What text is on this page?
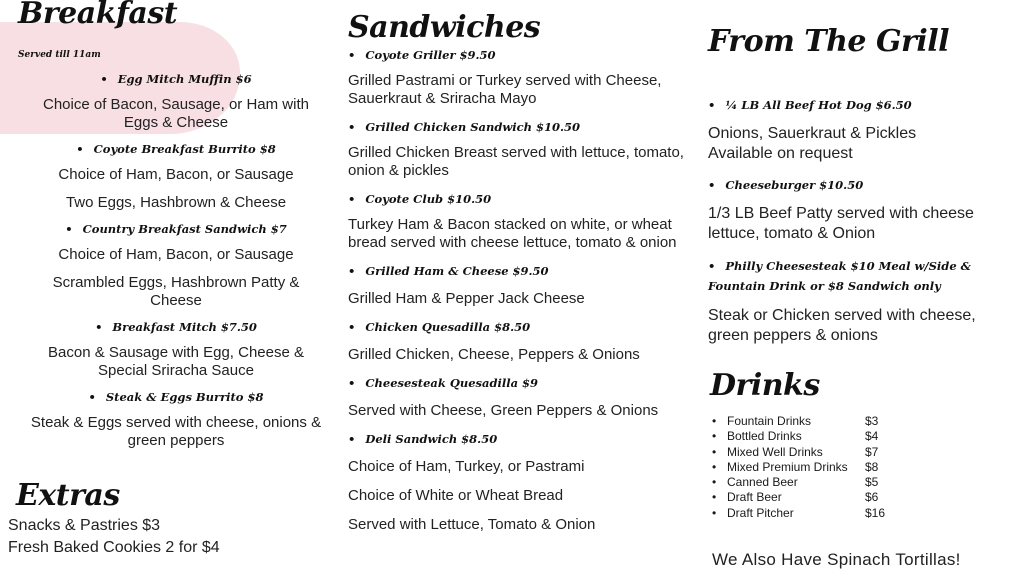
Breakfast
Served till 11am
• Egg Mitch Muffin $6
Choice of Bacon, Sausage, or Ham with Eggs & Cheese
• Coyote Breakfast Burrito $8
Choice of Ham, Bacon, or Sausage
Two Eggs, Hashbrown & Cheese
• Country Breakfast Sandwich $7
Choice of Ham, Bacon, or Sausage
Scrambled Eggs, Hashbrown Patty & Cheese
• Breakfast Mitch $7.50
Bacon & Sausage with Egg, Cheese & Special Sriracha Sauce
• Steak & Eggs Burrito $8
Steak & Eggs served with cheese, onions & green peppers
Extras
Snacks & Pastries $3
Fresh Baked Cookies 2 for $4
Sandwiches
• Coyote Griller $9.50
Grilled Pastrami or Turkey served with Cheese, Sauerkraut & Sriracha Mayo
• Grilled Chicken Sandwich $10.50
Grilled Chicken Breast served with lettuce, tomato, onion & pickles
• Coyote Club $10.50
Turkey Ham & Bacon stacked on white, or wheat bread served with cheese lettuce, tomato & onion
• Grilled Ham & Cheese $9.50
Grilled Ham & Pepper Jack Cheese
• Chicken Quesadilla $8.50
Grilled Chicken, Cheese, Peppers & Onions
• Cheesesteak Quesadilla $9
Served with Cheese, Green Peppers & Onions
• Deli Sandwich $8.50
Choice of Ham, Turkey, or Pastrami
Choice of White or Wheat Bread
Served with Lettuce, Tomato & Onion
From The Grill
• ¼ LB All Beef Hot Dog $6.50
Onions, Sauerkraut & Pickles Available on request
• Cheeseburger $10.50
1/3 LB Beef Patty served with cheese lettuce, tomato & Onion
• Philly Cheesesteak $10 Meal w/Side & Fountain Drink or $8 Sandwich only
Steak or Chicken served with cheese, green peppers & onions
Drinks
• Fountain Drinks	$3
• Bottled Drinks	$4
• Mixed Well Drinks	$7
• Mixed Premium Drinks	$8
• Canned Beer	$5
• Draft Beer	$6
• Draft Pitcher	$16
We Also Have Spinach Tortillas!
